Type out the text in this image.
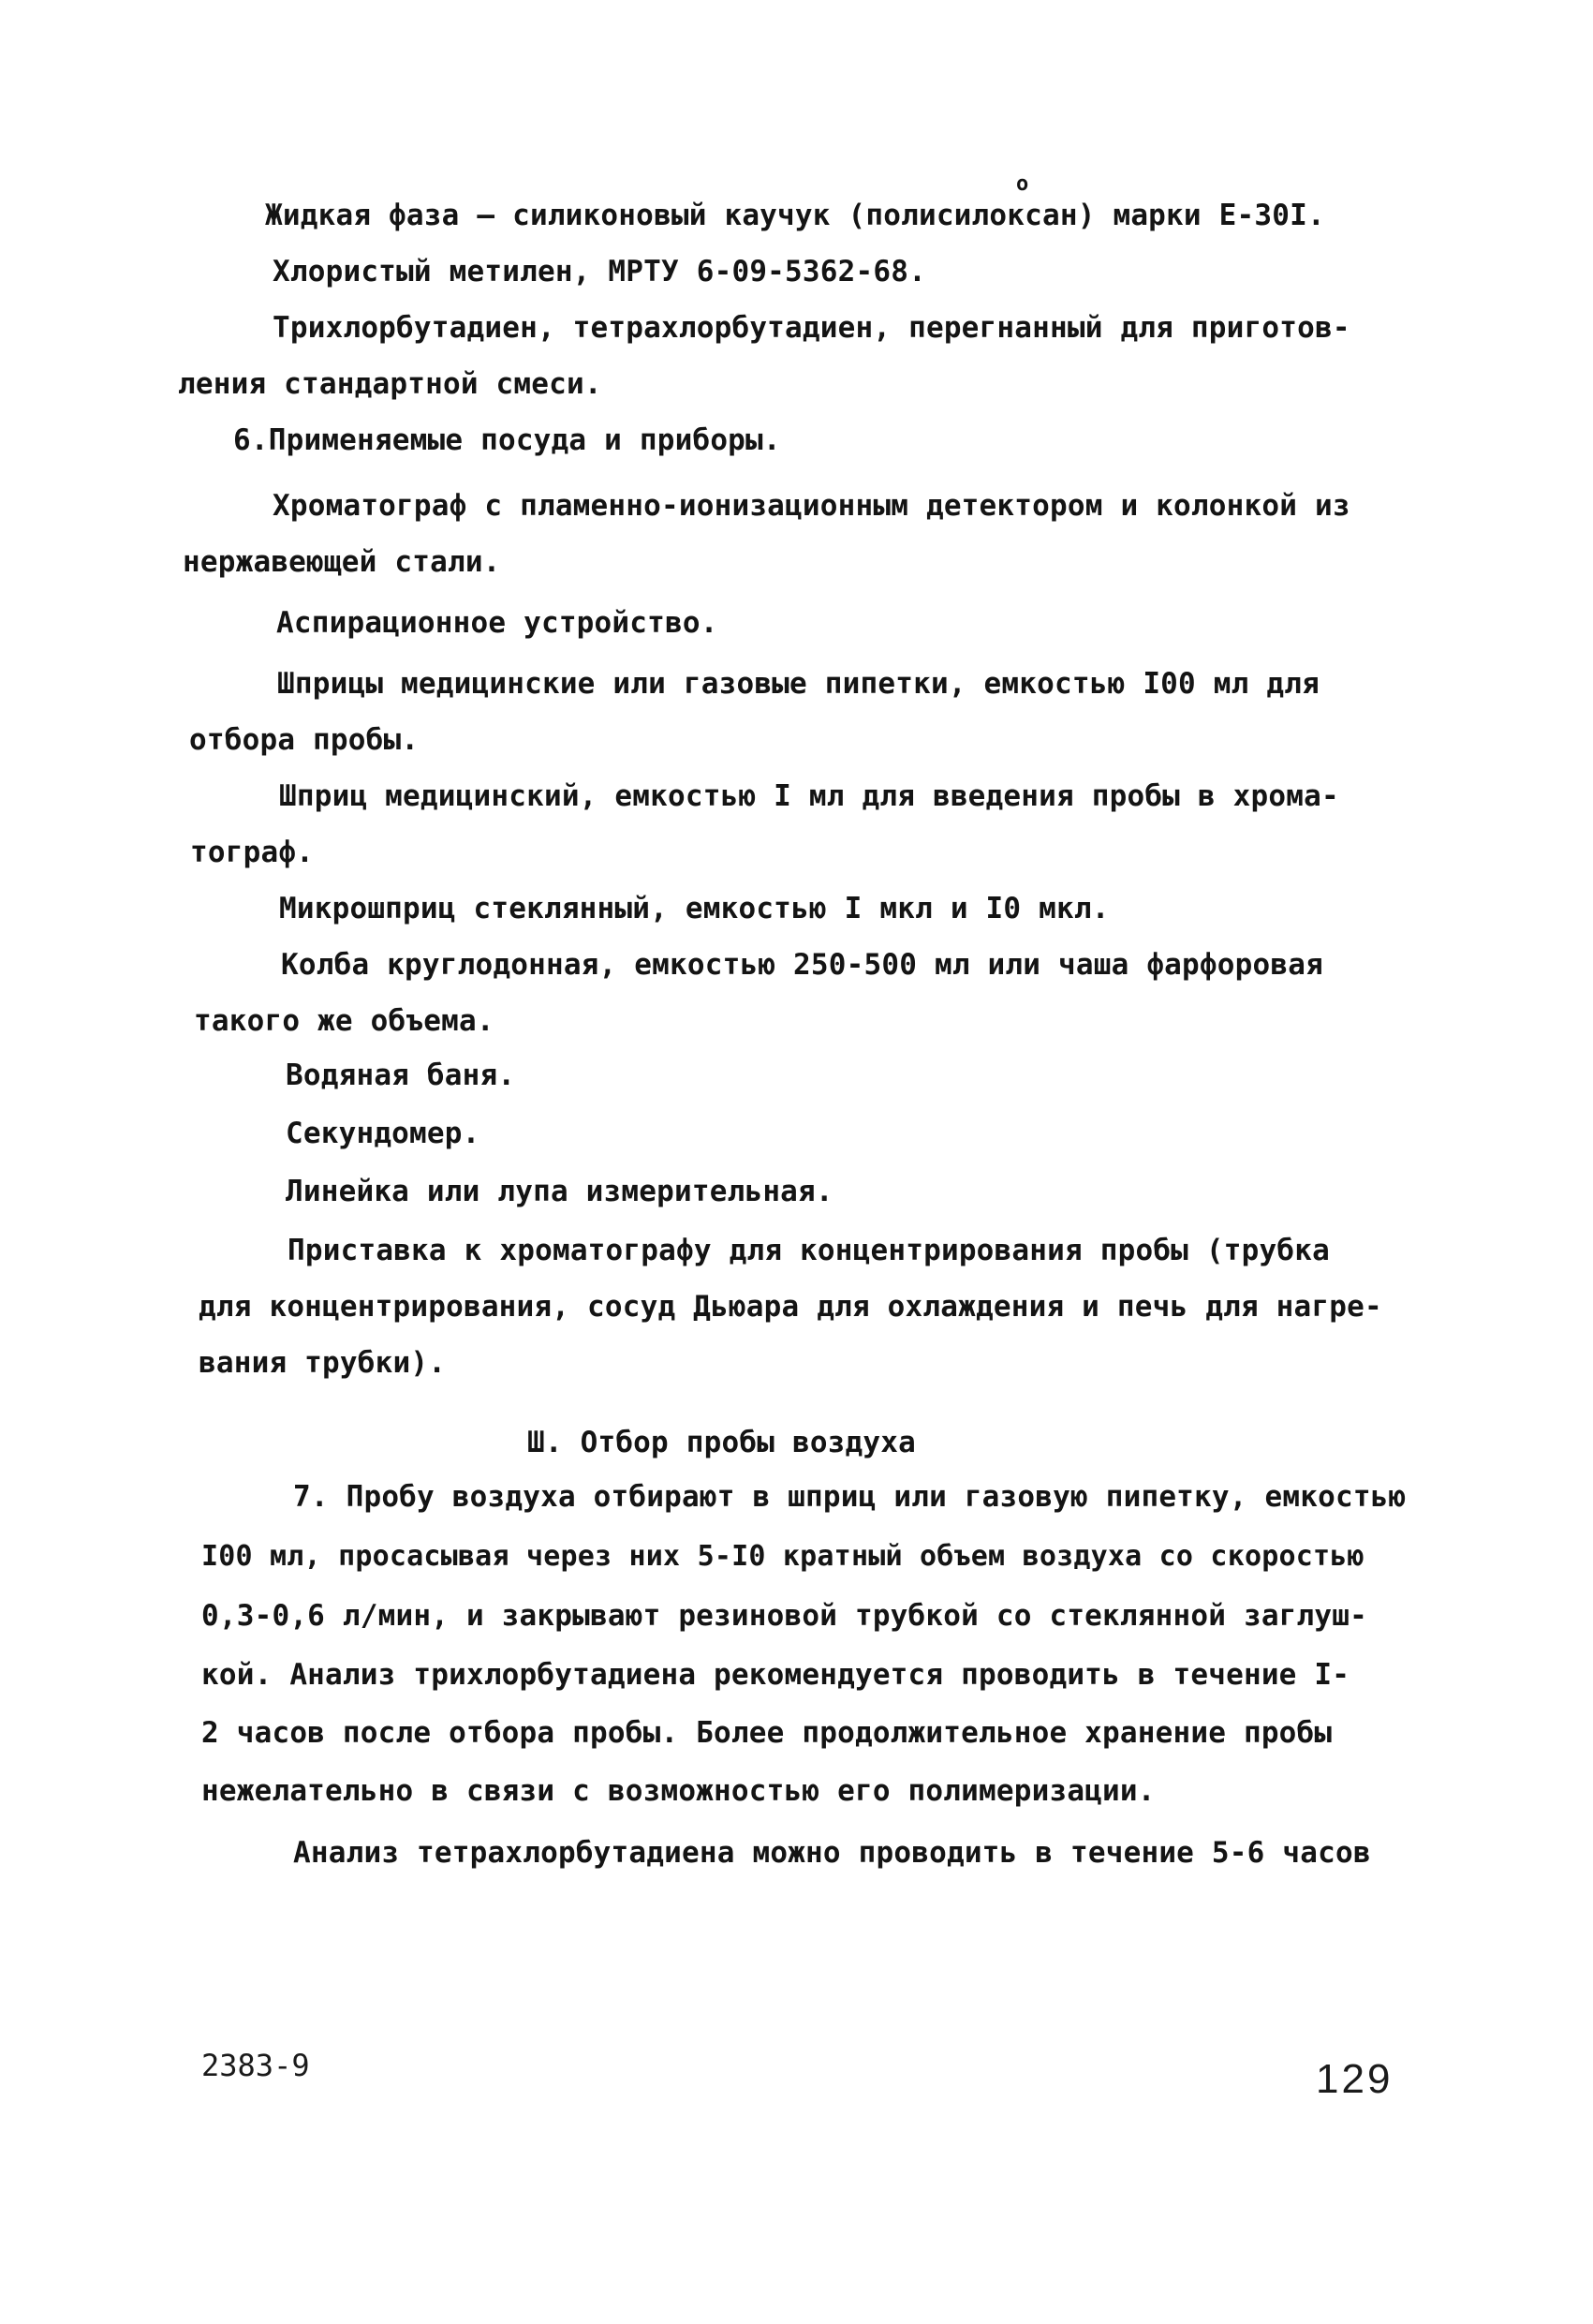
о
Жидкая фаза – силиконовый каучук (полисилоксан) марки Е-30I.
Хлористый метилен, МРТУ 6-09-5362-68.
Трихлорбутадиен, тетрахлорбутадиен, перегнанный для приготов-
ления стандартной смеси.
6.Применяемые посуда и приборы.
Хроматограф с пламенно-ионизационным детектором и колонкой из
нержавеющей стали.
Аспирационное устройство.
Шприцы медицинские или газовые пипетки, емкостью I00 мл для
отбора пробы.
Шприц медицинский, емкостью I мл для введения пробы в хрома-
тограф.
Микрошприц стеклянный, емкостью I мкл и I0 мкл.
Колба круглодонная, емкостью 250-500 мл или чаша фарфоровая
такого же объема.
Водяная баня.
Секундомер.
Линейка или лупа измерительная.
Приставка к хроматографу для концентрирования пробы (трубка
для концентрирования, сосуд Дьюара для охлаждения и печь для нагре-
вания трубки).
Ш. Отбор пробы воздуха
7. Пробу воздуха отбирают в шприц или газовую пипетку, емкостью
I00 мл, просасывая через них 5-I0 кратный объем воздуха со скоростью
0,3-0,6 л/мин, и закрывают резиновой трубкой со стеклянной заглуш-
кой. Анализ трихлорбутадиена рекомендуется проводить в течение I-
2 часов после отбора пробы. Более продолжительное хранение пробы
нежелательно в связи с возможностью его полимеризации.
Анализ тетрахлорбутадиена можно проводить в течение 5-6 часов
2383-9	129
